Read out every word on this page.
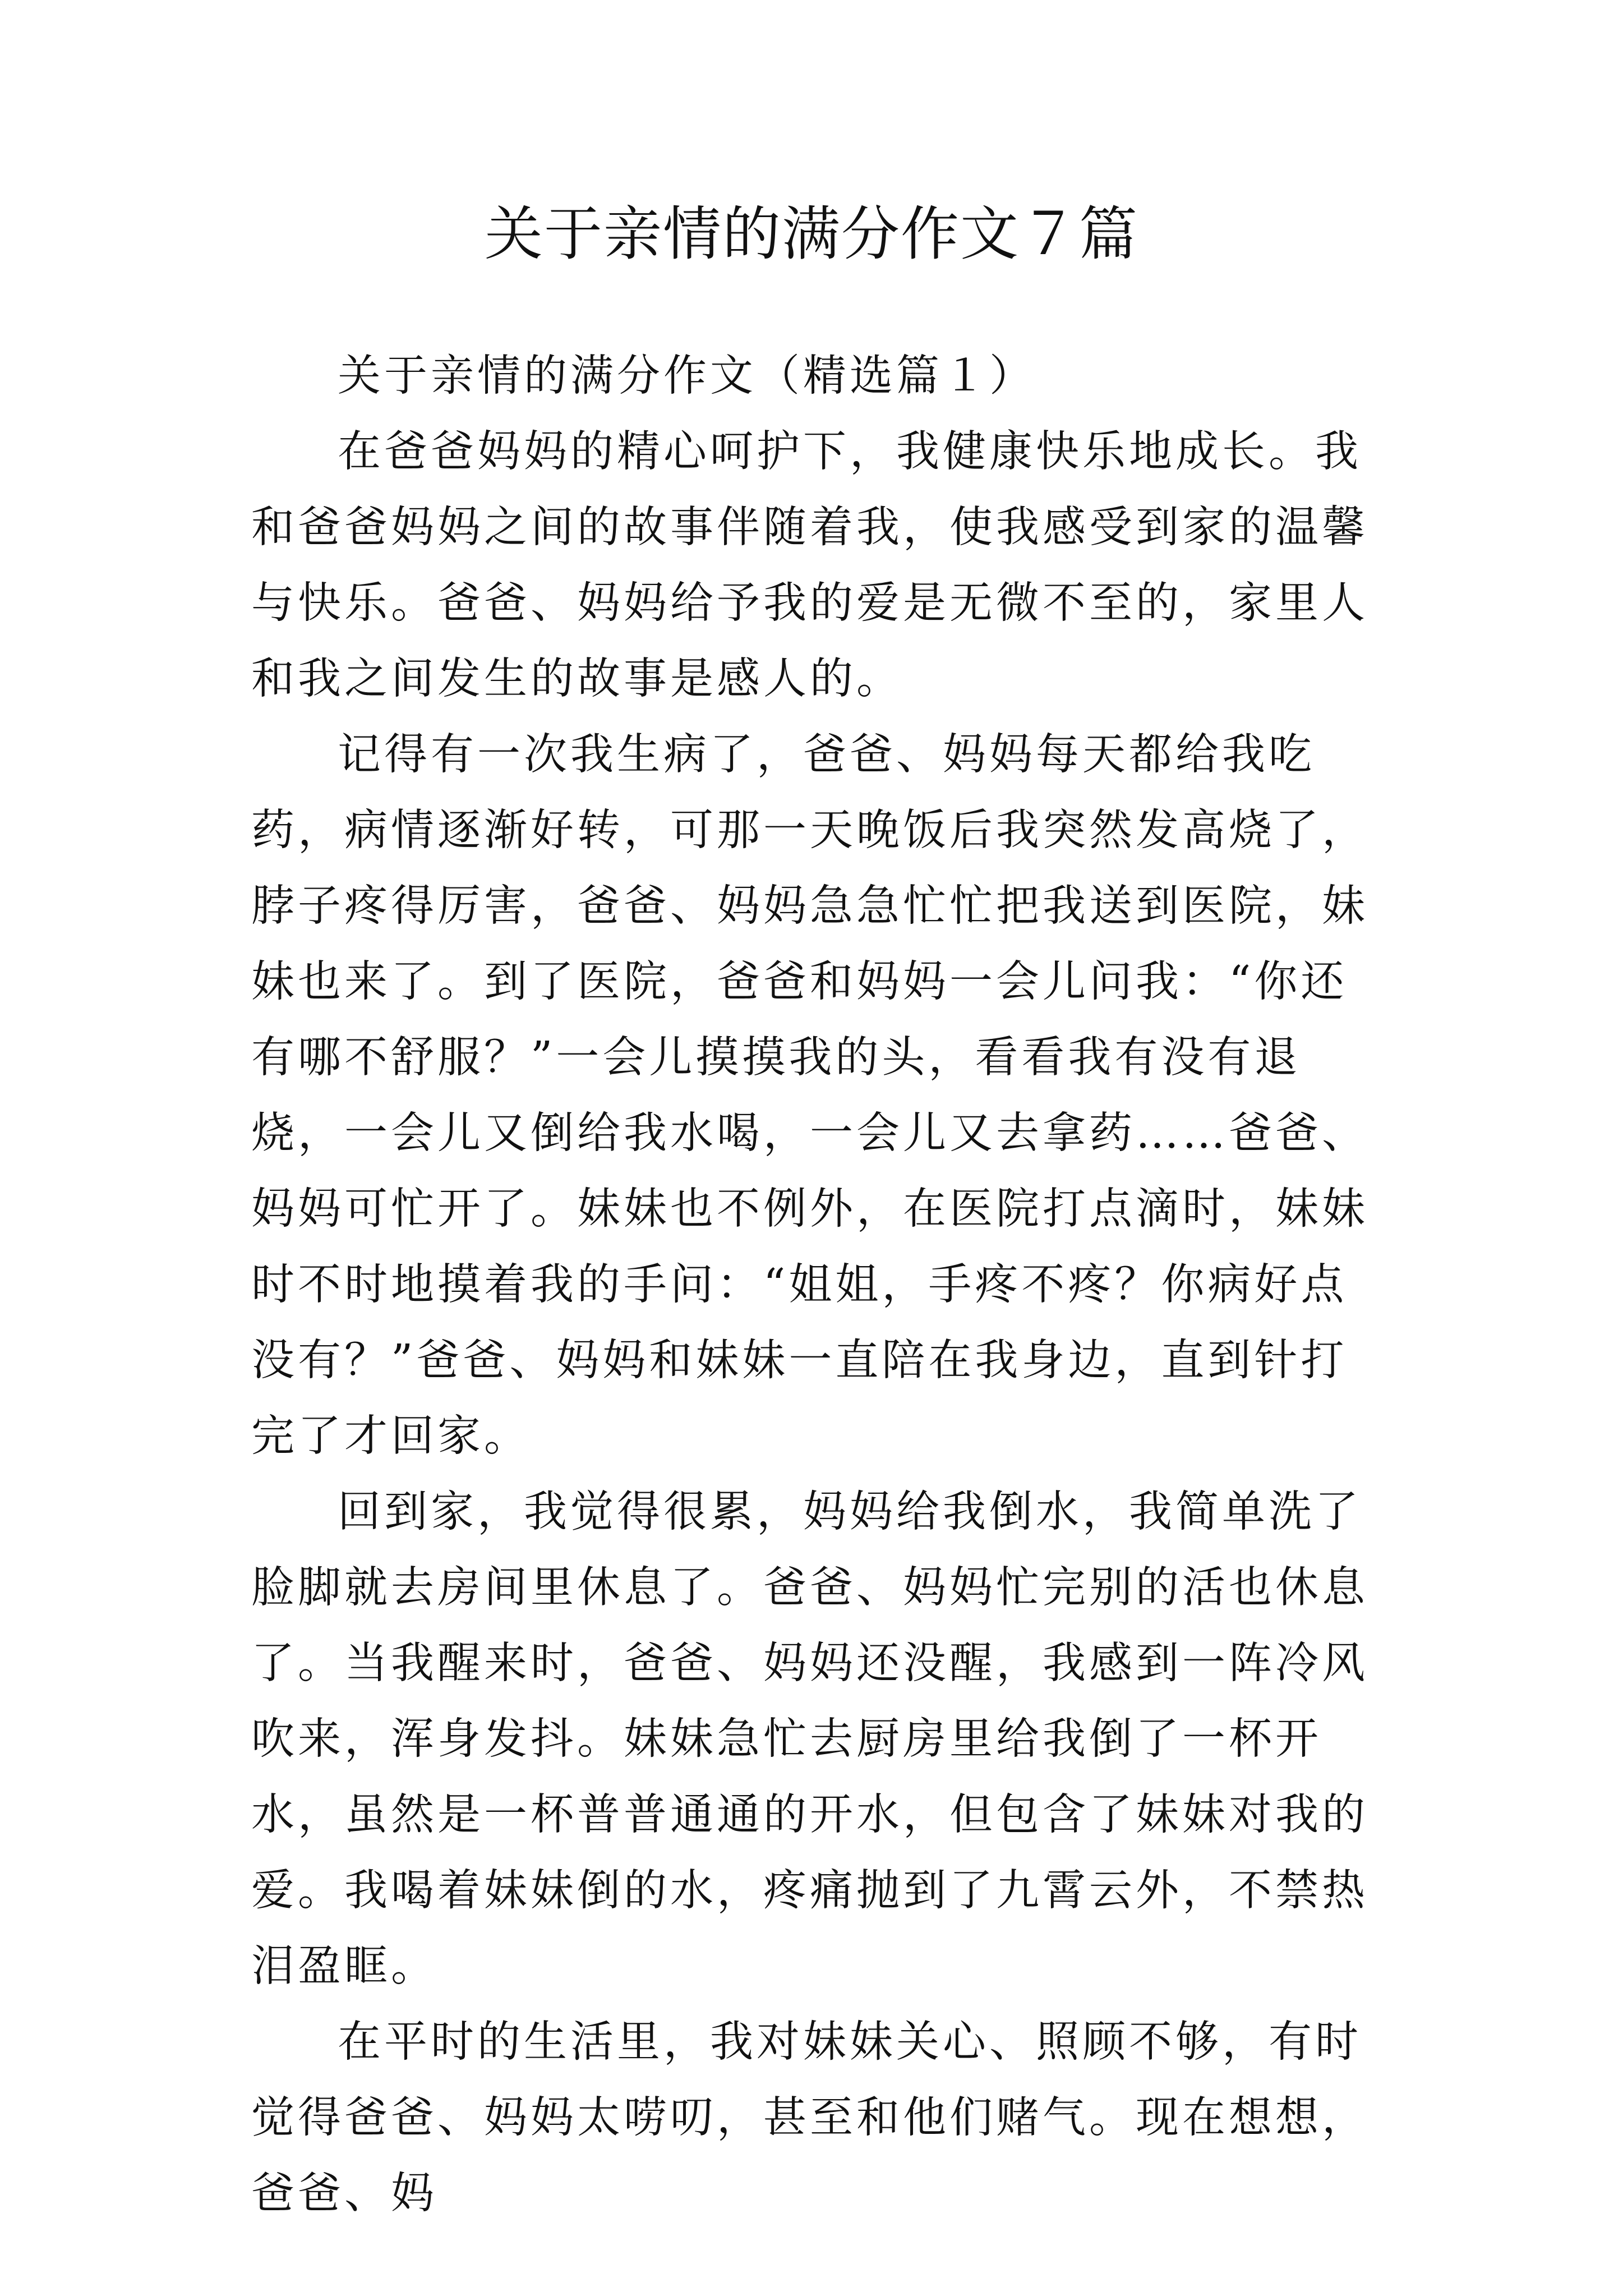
关于亲情的满分作文７篇

关于亲情的满分作文（精选篇１）

在爸爸妈妈的精心呵护下，我健康快乐地成长。我和爸爸妈妈之间的故事伴随着我，使我感受到家的温馨与快乐。爸爸、妈妈给予我的爱是无微不至的，家里人和我之间发生的故事是感人的。

记得有一次我生病了，爸爸、妈妈每天都给我吃药，病情逐渐好转，可那一天晚饭后我突然发高烧了，脖子疼得厉害，爸爸、妈妈急急忙忙把我送到医院，妹妹也来了。到了医院，爸爸和妈妈一会儿问我：“你还有哪不舒服？”一会儿摸摸我的头，看看我有没有退烧，一会儿又倒给我水喝，一会儿又去拿药……爸爸、妈妈可忙开了。妹妹也不例外，在医院打点滴时，妹妹时不时地摸着我的手问：“姐姐，手疼不疼？你病好点没有？”爸爸、妈妈和妹妹一直陪在我身边，直到针打完了才回家。

回到家，我觉得很累，妈妈给我倒水，我简单洗了脸脚就去房间里休息了。爸爸、妈妈忙完别的活也休息了。当我醒来时，爸爸、妈妈还没醒，我感到一阵冷风吹来，浑身发抖。妹妹急忙去厨房里给我倒了一杯开水，虽然是一杯普普通通的开水，但包含了妹妹对我的爱。我喝着妹妹倒的水，疼痛抛到了九霄云外，不禁热泪盈眶。

在平时的生活里，我对妹妹关心、照顾不够，有时觉得爸爸、妈妈太唠叨，甚至和他们赌气。现在想想，爸爸、妈
